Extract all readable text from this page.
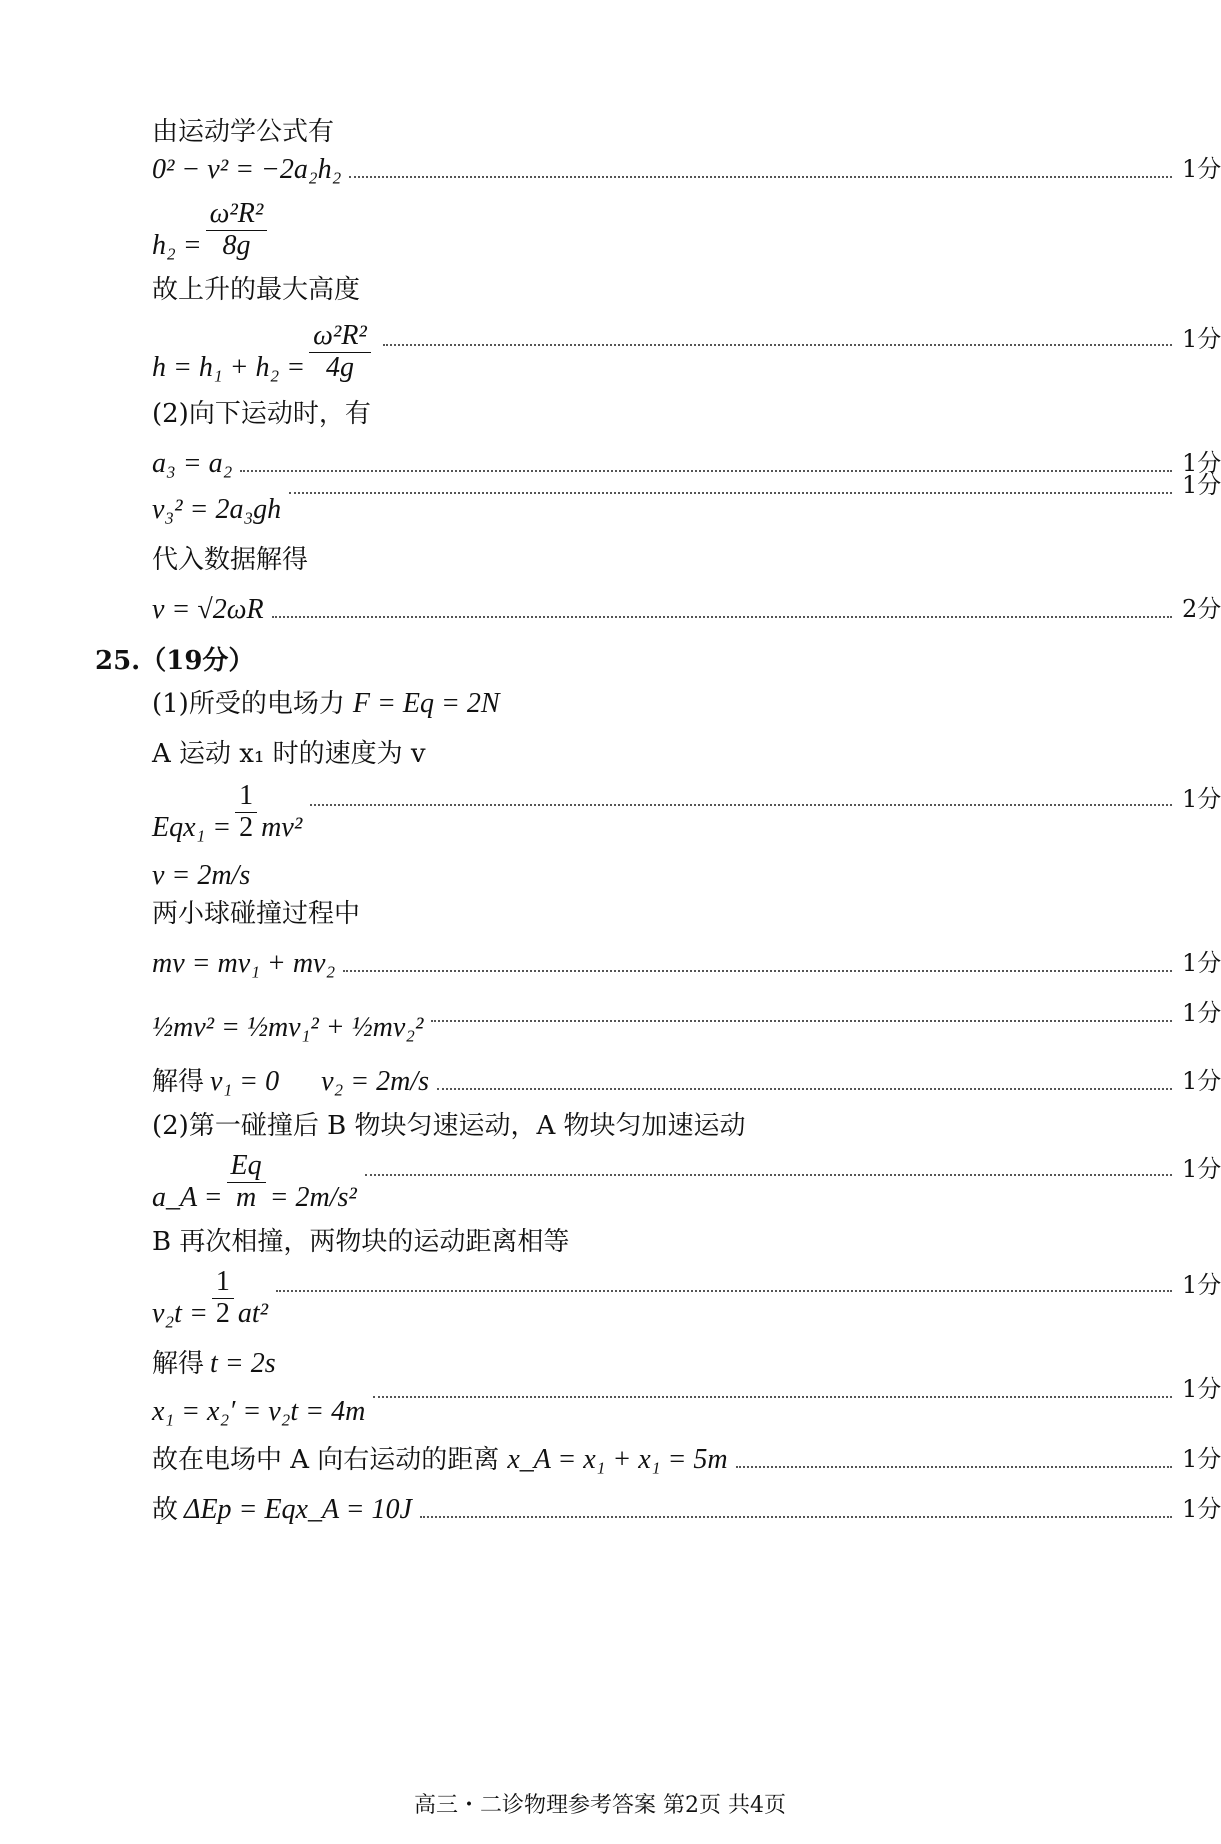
由运动学公式有
0² − v² = −2a₂h₂	1分
$h_2 = \frac{\text{ω²R²}}{8g}$
故上升的最大高度
$h = h_1 + h_2 = \frac{\text{ω²R²}}{4g}$	1分
(2)向下运动时，有
a₃ = a₂	1分
v₃² = 2a₃gh
1分
代入数据解得
v = √2ωR	2分
25.（19分）
(1)所受的电场力 F = Eq = 2N
A 运动 x₁ 时的速度为 v
$Eqx_1 = \frac{1}{2} mv^2$
1分
v = 2m/s
两小球碰撞过程中
mv = mv₁ + mv₂	1分
½mv² = ½mv₁² + ½mv₂²	1分
解得 v₁ = 0      v₂ = 2m/s	1分
(2)第一碰撞后 B 物块匀速运动，A 物块匀加速运动
a_A = $\frac{Eq}{m} = 2m/s^2$
1分
B 再次相撞，两物块的运动距离相等
$v_2t = \frac{1}{2} at^2$
1分
解得 t = 2s
x₁ = x₂′ = v₂t = 4m
1分
故在电场中 A 向右运动的距离 x_A = x₁ + x₁ = 5m	1分
故 ΔEp = Eqx_A = 10J	1分
高三・二诊物理参考答案 第2页 共4页
